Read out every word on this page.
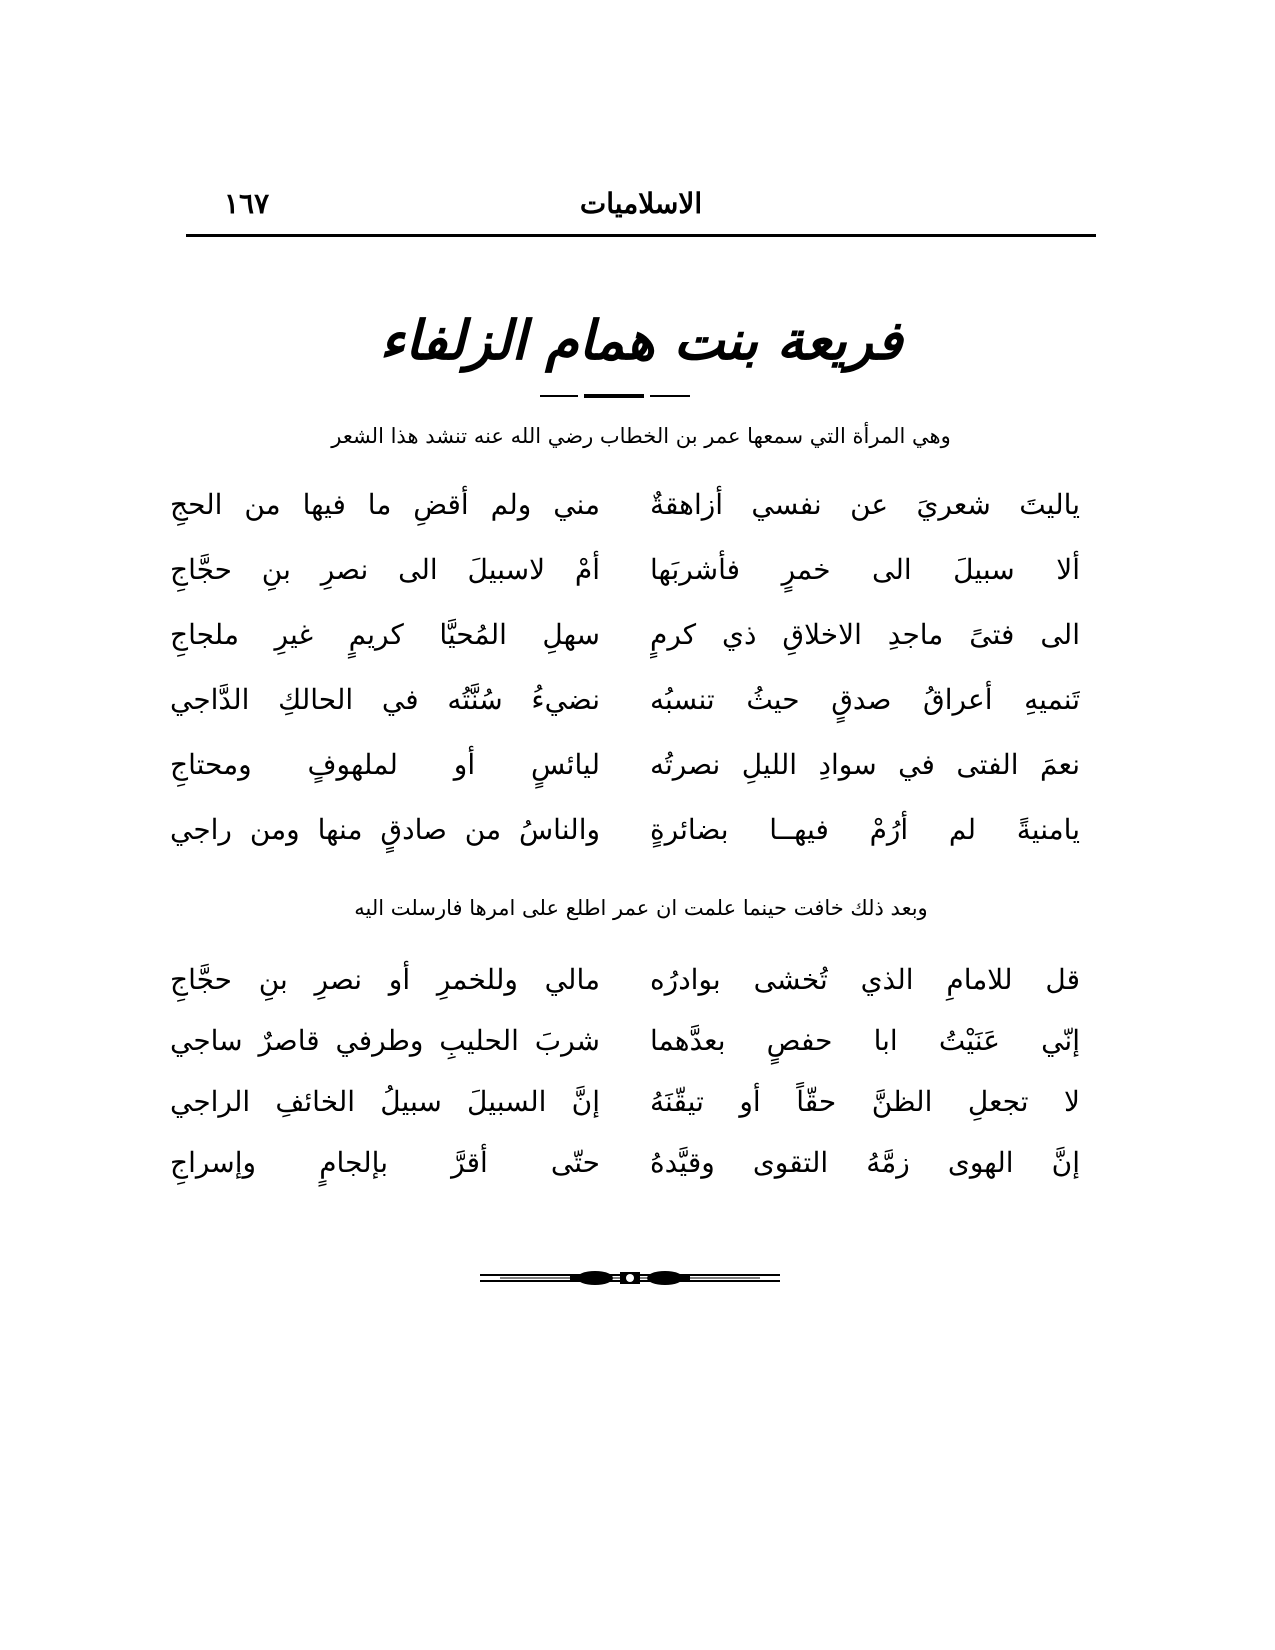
الاسلاميات
١٦٧
فريعة بنت همام الزلفاء
وهي المرأة التي سمعها عمر بن الخطاب رضي الله عنه تنشد هذا الشعر
ياليتَ شعريَ عن نفسي أزاهقةٌ
مني ولم أقضِ ما فيها من الحجِ
ألا سبيلَ الى خمرٍ فأشربَها
أمْ لاسبيلَ الى نصرِ بنِ حجَّاجِ
الى فتىً ماجدِ الاخلاقِ ذي كرمٍ
سهلِ المُحيَّا كريمٍ غيرِ ملجاجِ
تَنميهِ أعراقُ صدقٍ حيثُ تنسبُه
نضيءُ سُنَّتُه في الحالكِ الدَّاجي
نعمَ الفتى في سوادِ الليلِ نصرتُه
ليائسٍ أو لملهوفٍ ومحتاجِ
يامنيةً لم أرُمْ فيهــا بضائرةٍ
والناسُ من صادقٍ منها ومن راجي
وبعد ذلك خافت حينما علمت ان عمر اطلع على امرها فارسلت اليه
قل للامامِ الذي تُخشى بوادرُه
مالي وللخمرِ أو نصرِ بنِ حجَّاجِ
إنّي عَنَيْتُ ابا حفصٍ بعدَّهما
شربَ الحليبِ وطرفي قاصرٌ ساجي
لا تجعلِ الظنَّ حقّاً أو تيقّنَهُ
إنَّ السبيلَ سبيلُ الخائفِ الراجي
إنَّ الهوى زمَّهُ التقوى وقيَّدهُ
حتّى أقرَّ بإلجامٍ وإسراجِ
